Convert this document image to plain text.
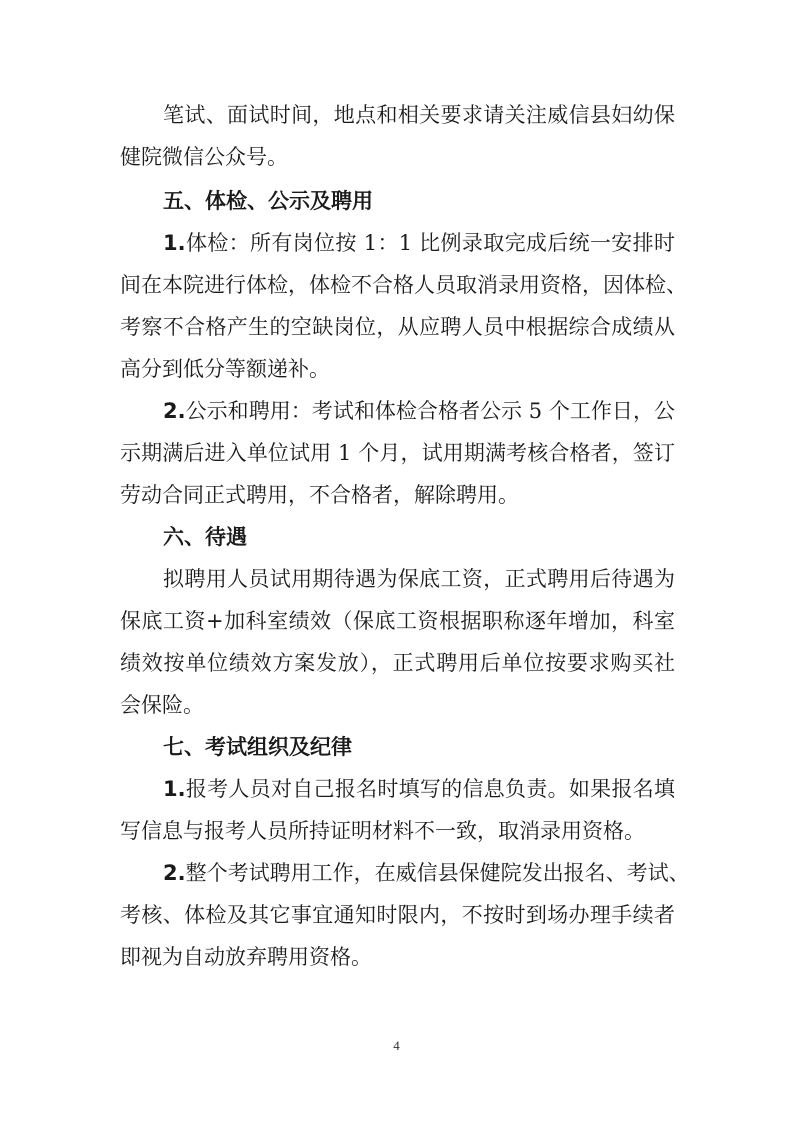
笔试、面试时间，地点和相关要求请关注威信县妇幼保
健院微信公众号。
五、体检、公示及聘用
1.体检：所有岗位按 1：1 比例录取完成后统一安排时
间在本院进行体检，体检不合格人员取消录用资格，因体检、
考察不合格产生的空缺岗位，从应聘人员中根据综合成绩从
高分到低分等额递补。
2.公示和聘用：考试和体检合格者公示 5 个工作日，公
示期满后进入单位试用 1 个月，试用期满考核合格者，签订
劳动合同正式聘用，不合格者，解除聘用。
六、待遇
拟聘用人员试用期待遇为保底工资，正式聘用后待遇为
保底工资+加科室绩效（保底工资根据职称逐年增加，科室
绩效按单位绩效方案发放），正式聘用后单位按要求购买社
会保险。
七、考试组织及纪律
1.报考人员对自己报名时填写的信息负责。如果报名填
写信息与报考人员所持证明材料不一致，取消录用资格。
2.整个考试聘用工作，在威信县保健院发出报名、考试、
考核、体检及其它事宜通知时限内，不按时到场办理手续者
即视为自动放弃聘用资格。
4
